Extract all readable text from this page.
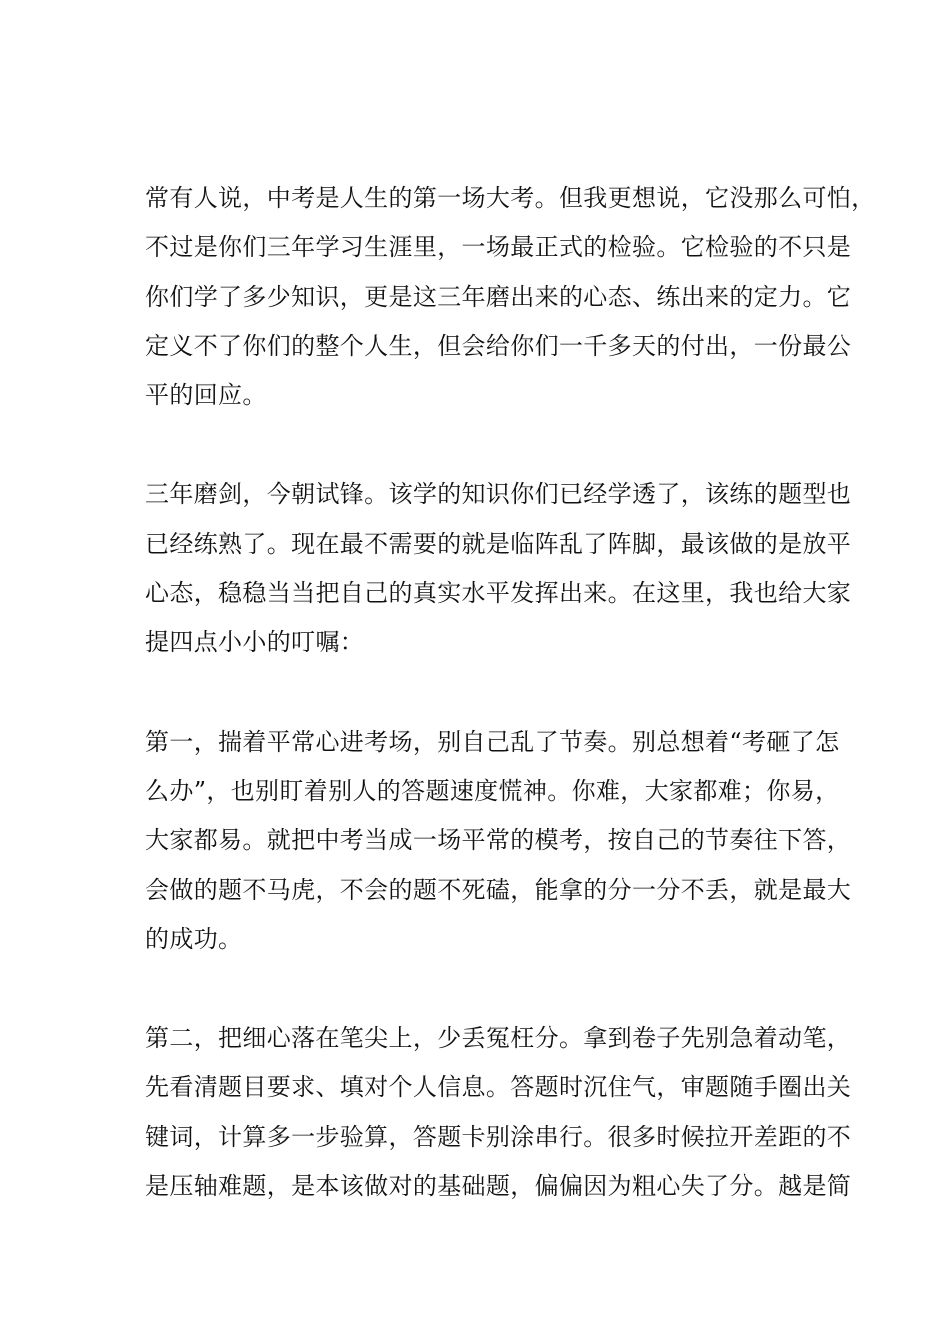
常有人说，中考是人生的第一场大考。但我更想说，它没那么可怕，
不过是你们三年学习生涯里，一场最正式的检验。它检验的不只是
你们学了多少知识，更是这三年磨出来的心态、练出来的定力。它
定义不了你们的整个人生，但会给你们一千多天的付出，一份最公
平的回应。
三年磨剑，今朝试锋。该学的知识你们已经学透了，该练的题型也
已经练熟了。现在最不需要的就是临阵乱了阵脚，最该做的是放平
心态，稳稳当当把自己的真实水平发挥出来。在这里，我也给大家
提四点小小的叮嘱：
第一，揣着平常心进考场，别自己乱了节奏。别总想着“考砸了怎
么办”，也别盯着别人的答题速度慌神。你难，大家都难；你易，
大家都易。就把中考当成一场平常的模考，按自己的节奏往下答，
会做的题不马虎，不会的题不死磕，能拿的分一分不丢，就是最大
的成功。
第二，把细心落在笔尖上，少丢冤枉分。拿到卷子先别急着动笔，
先看清题目要求、填对个人信息。答题时沉住气，审题随手圈出关
键词，计算多一步验算，答题卡别涂串行。很多时候拉开差距的不
是压轴难题，是本该做对的基础题，偏偏因为粗心失了分。越是简
